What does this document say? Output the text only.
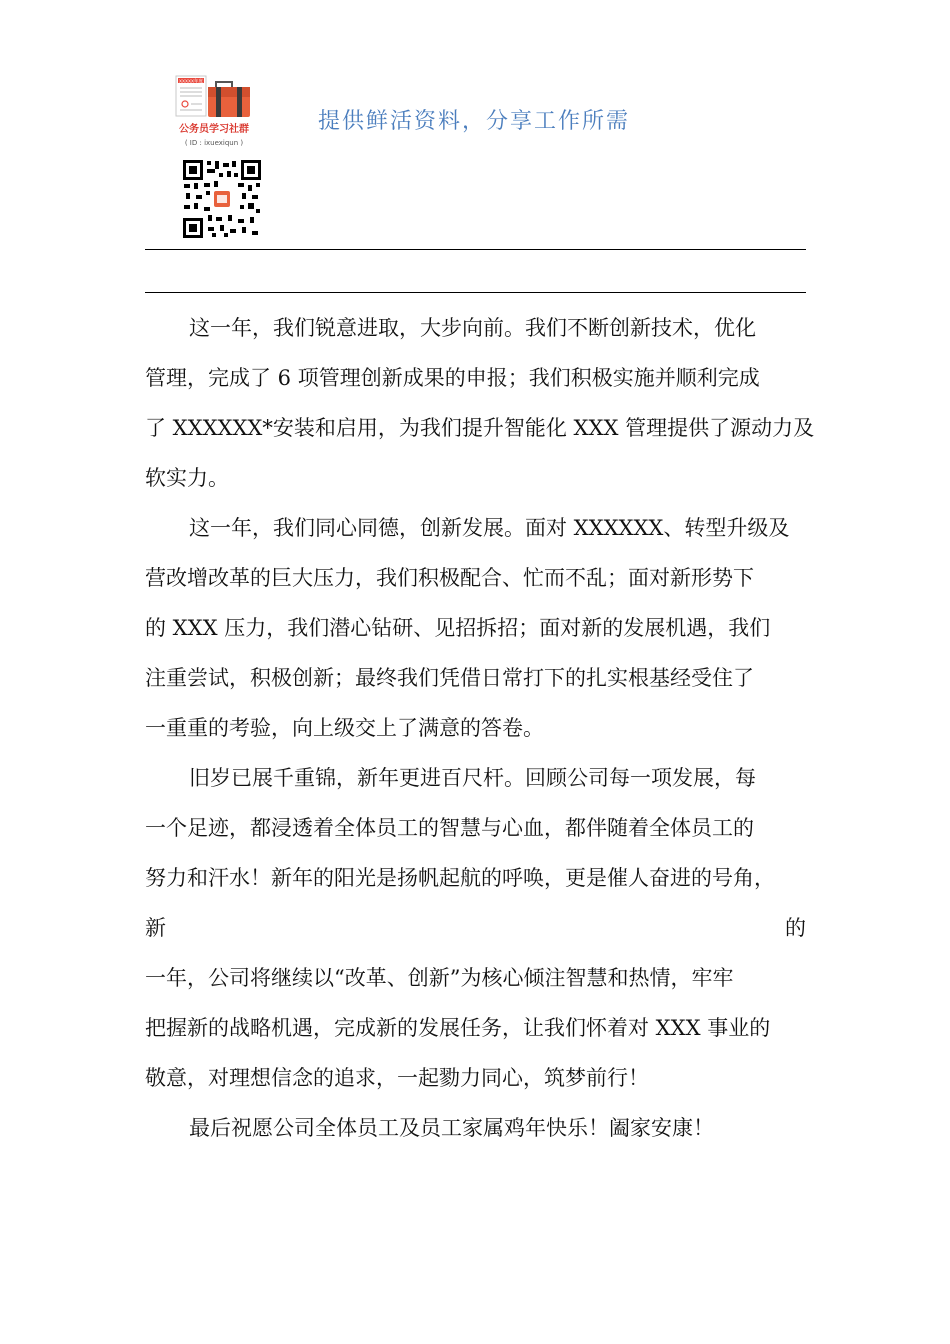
XXXXX年度
公务员学习社群
( ID : ixuexiqun )
提供鲜活资料，分享工作所需
这一年，我们锐意进取，大步向前。我们不断创新技术，优化
管理，完成了 6 项管理创新成果的申报；我们积极实施并顺利完成
了 XXXXXX*安装和启用，为我们提升智能化 XXX 管理提供了源动力及
软实力。
这一年，我们同心同德，创新发展。面对 XXXXXX、转型升级及
营改增改革的巨大压力，我们积极配合、忙而不乱；面对新形势下
的 XXX 压力，我们潜心钻研、见招拆招；面对新的发展机遇，我们
注重尝试，积极创新；最终我们凭借日常打下的扎实根基经受住了
一重重的考验，向上级交上了满意的答卷。
旧岁已展千重锦，新年更进百尺杆。回顾公司每一项发展，每
一个足迹，都浸透着全体员工的智慧与心血，都伴随着全体员工的
努力和汗水！新年的阳光是扬帆起航的呼唤，更是催人奋进的号角，
新	的
一年，公司将继续以“改革、创新”为核心倾注智慧和热情，牢牢
把握新的战略机遇，完成新的发展任务，让我们怀着对 XXX 事业的
敬意，对理想信念的追求，一起勠力同心，筑梦前行！
最后祝愿公司全体员工及员工家属鸡年快乐！阖家安康！
